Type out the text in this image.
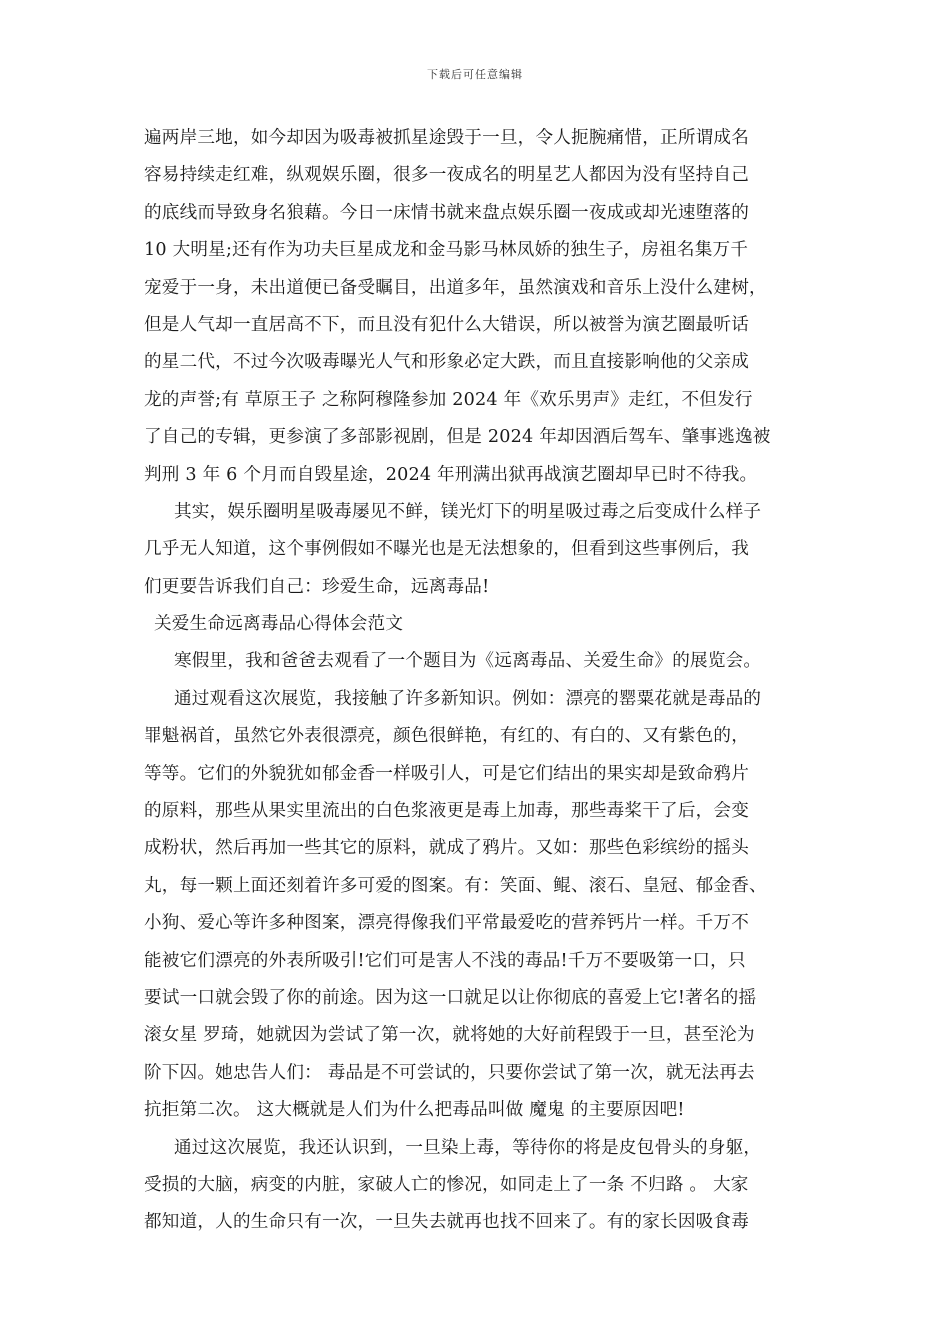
下载后可任意编辑
遍两岸三地，如今却因为吸毒被抓星途毁于一旦，令人扼腕痛惜，正所谓成名
容易持续走红难，纵观娱乐圈，很多一夜成名的明星艺人都因为没有坚持自己
的底线而导致身名狼藉。今日一床情书就来盘点娱乐圈一夜成或却光速堕落的
10 大明星;还有作为功夫巨星成龙和金马影马林凤娇的独生子，房祖名集万千
宠爱于一身，未出道便已备受瞩目，出道多年，虽然演戏和音乐上没什么建树，
但是人气却一直居高不下，而且没有犯什么大错误，所以被誉为演艺圈最听话
的星二代，不过今次吸毒曝光人气和形象必定大跌，而且直接影响他的父亲成
龙的声誉;有 草原王子 之称阿穆隆参加 2024 年《欢乐男声》走红，不但发行
了自己的专辑，更参演了多部影视剧，但是 2024 年却因酒后驾车、肇事逃逸被
判刑 3 年 6 个月而自毁星途，2024 年刑满出狱再战演艺圈却早已时不待我。
其实，娱乐圈明星吸毒屡见不鲜，镁光灯下的明星吸过毒之后变成什么样子
几乎无人知道，这个事例假如不曝光也是无法想象的，但看到这些事例后，我
们更要告诉我们自己：珍爱生命，远离毒品!
关爱生命远离毒品心得体会范文
寒假里，我和爸爸去观看了一个题目为《远离毒品、关爱生命》的展览会。
通过观看这次展览，我接触了许多新知识。例如：漂亮的罂粟花就是毒品的
罪魁祸首，虽然它外表很漂亮，颜色很鲜艳，有红的、有白的、又有紫色的，
等等。它们的外貌犹如郁金香一样吸引人，可是它们结出的果实却是致命鸦片
的原料，那些从果实里流出的白色浆液更是毒上加毒，那些毒桨干了后，会变
成粉状，然后再加一些其它的原料，就成了鸦片。又如：那些色彩缤纷的摇头
丸，每一颗上面还刻着许多可爱的图案。有：笑面、鲲、滚石、皇冠、郁金香、
小狗、爱心等许多种图案，漂亮得像我们平常最爱吃的营养钙片一样。千万不
能被它们漂亮的外表所吸引!它们可是害人不浅的毒品!千万不要吸第一口，只
要试一口就会毁了你的前途。因为这一口就足以让你彻底的喜爱上它!著名的摇
滚女星 罗琦，她就因为尝试了第一次，就将她的大好前程毁于一旦，甚至沦为
阶下囚。她忠告人们： 毒品是不可尝试的，只要你尝试了第一次，就无法再去
抗拒第二次。 这大概就是人们为什么把毒品叫做 魔鬼 的主要原因吧!
通过这次展览，我还认识到，一旦染上毒，等待你的将是皮包骨头的身躯，
受损的大脑，病变的内脏，家破人亡的惨况，如同走上了一条 不归路 。 大家
都知道，人的生命只有一次，一旦失去就再也找不回来了。有的家长因吸食毒
